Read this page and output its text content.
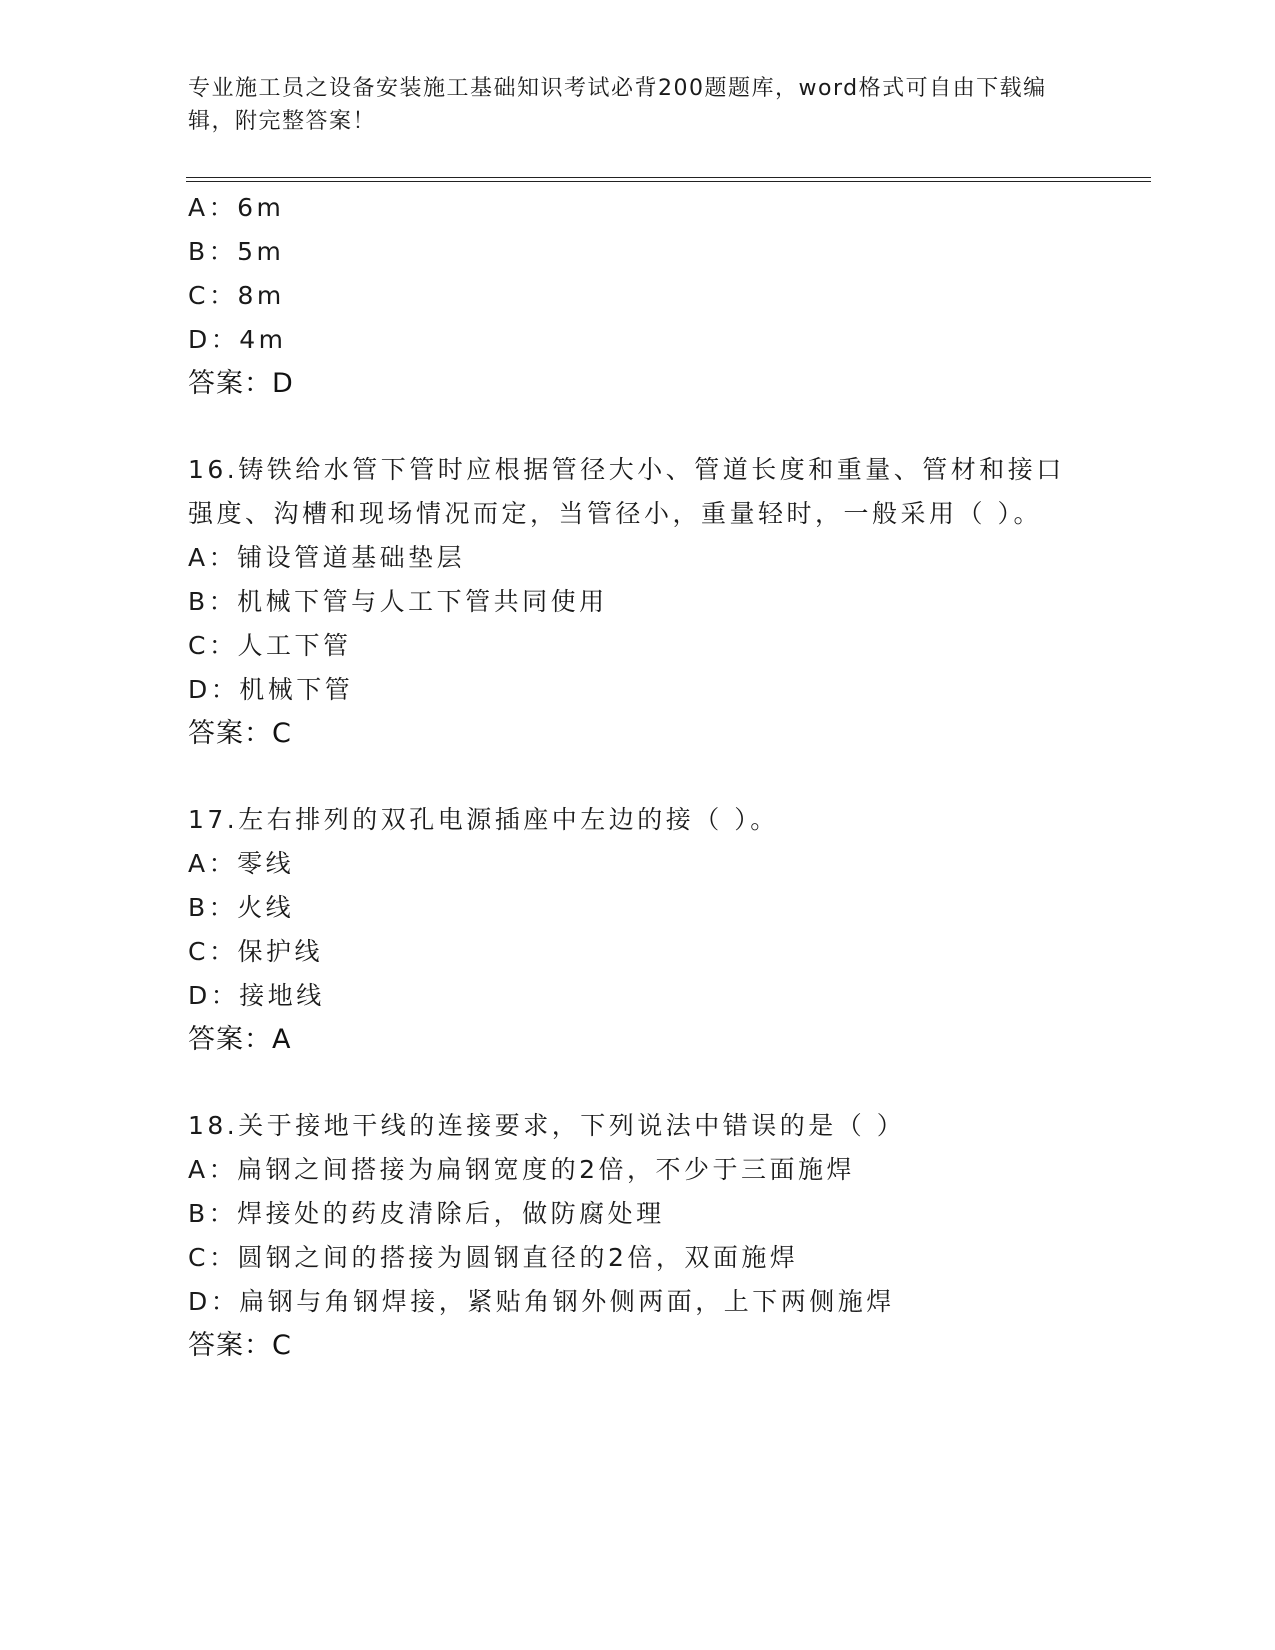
专业施工员之设备安装施工基础知识考试必背200题题库，word格式可自由下载编辑，附完整答案！
A：6m
B：5m
C：8m
D：4m
答案：D
16.铸铁给水管下管时应根据管径大小、管道长度和重量、管材和接口
强度、沟槽和现场情况而定，当管径小，重量轻时，一般采用（ ）。
A：铺设管道基础垫层
B：机械下管与人工下管共同使用
C：人工下管
D：机械下管
答案：C
17.左右排列的双孔电源插座中左边的接（ ）。
A：零线
B：火线
C：保护线
D：接地线
答案：A
18.关于接地干线的连接要求，下列说法中错误的是（ ）
A：扁钢之间搭接为扁钢宽度的2倍，不少于三面施焊
B：焊接处的药皮清除后，做防腐处理
C：圆钢之间的搭接为圆钢直径的2倍，双面施焊
D：扁钢与角钢焊接，紧贴角钢外侧两面，上下两侧施焊
答案：C
